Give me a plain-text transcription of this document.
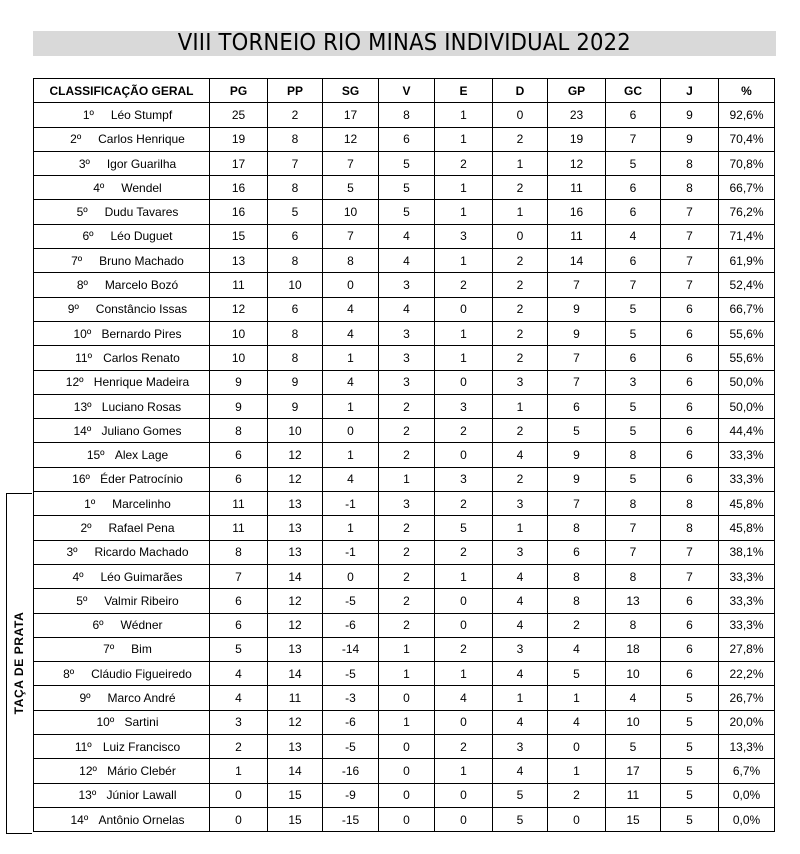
VIII TORNEIO RIO MINAS INDIVIDUAL 2022
CLASSIFICAÇÃO GERAL	PG	PP	SG	V	E	D	GP	GC	J	%
1º Léo Stumpf	25	2	17	8	1	0	23	6	9	92,6%
2º Carlos Henrique	19	8	12	6	1	2	19	7	9	70,4%
3º Igor Guarilha	17	7	7	5	2	1	12	5	8	70,8%
4º Wendel	16	8	5	5	1	2	11	6	8	66,7%
5º Dudu Tavares	16	5	10	5	1	1	16	6	7	76,2%
6º Léo Duguet	15	6	7	4	3	0	11	4	7	71,4%
7º Bruno Machado	13	8	8	4	1	2	14	6	7	61,9%
8º Marcelo Bozó	11	10	0	3	2	2	7	7	7	52,4%
9º Constâncio Issas	12	6	4	4	0	2	9	5	6	66,7%
10º Bernardo Pires	10	8	4	3	1	2	9	5	6	55,6%
11º Carlos Renato	10	8	1	3	1	2	7	6	6	55,6%
12º Henrique Madeira	9	9	4	3	0	3	7	3	6	50,0%
13º Luciano Rosas	9	9	1	2	3	1	6	5	6	50,0%
14º Juliano Gomes	8	10	0	2	2	2	5	5	6	44,4%
15º Alex Lage	6	12	1	2	0	4	9	8	6	33,3%
16º Éder Patrocínio	6	12	4	1	3	2	9	5	6	33,3%
1º Marcelinho	11	13	-1	3	2	3	7	8	8	45,8%
2º Rafael Pena	11	13	1	2	5	1	8	7	8	45,8%
3º Ricardo Machado	8	13	-1	2	2	3	6	7	7	38,1%
4º Léo Guimarães	7	14	0	2	1	4	8	8	7	33,3%
5º Valmir Ribeiro	6	12	-5	2	0	4	8	13	6	33,3%
6º Wédner	6	12	-6	2	0	4	2	8	6	33,3%
7º Bim	5	13	-14	1	2	3	4	18	6	27,8%
8º Cláudio Figueiredo	4	14	-5	1	1	4	5	10	6	22,2%
9º Marco André	4	11	-3	0	4	1	1	4	5	26,7%
10º Sartini	3	12	-6	1	0	4	4	10	5	20,0%
11º Luiz Francisco	2	13	-5	0	2	3	0	5	5	13,3%
12º Mário Clebér	1	14	-16	0	1	4	1	17	5	6,7%
13º Júnior Lawall	0	15	-9	0	0	5	2	11	5	0,0%
14º Antônio Ornelas	0	15	-15	0	0	5	0	15	5	0,0%
TAÇA DE PRATA
